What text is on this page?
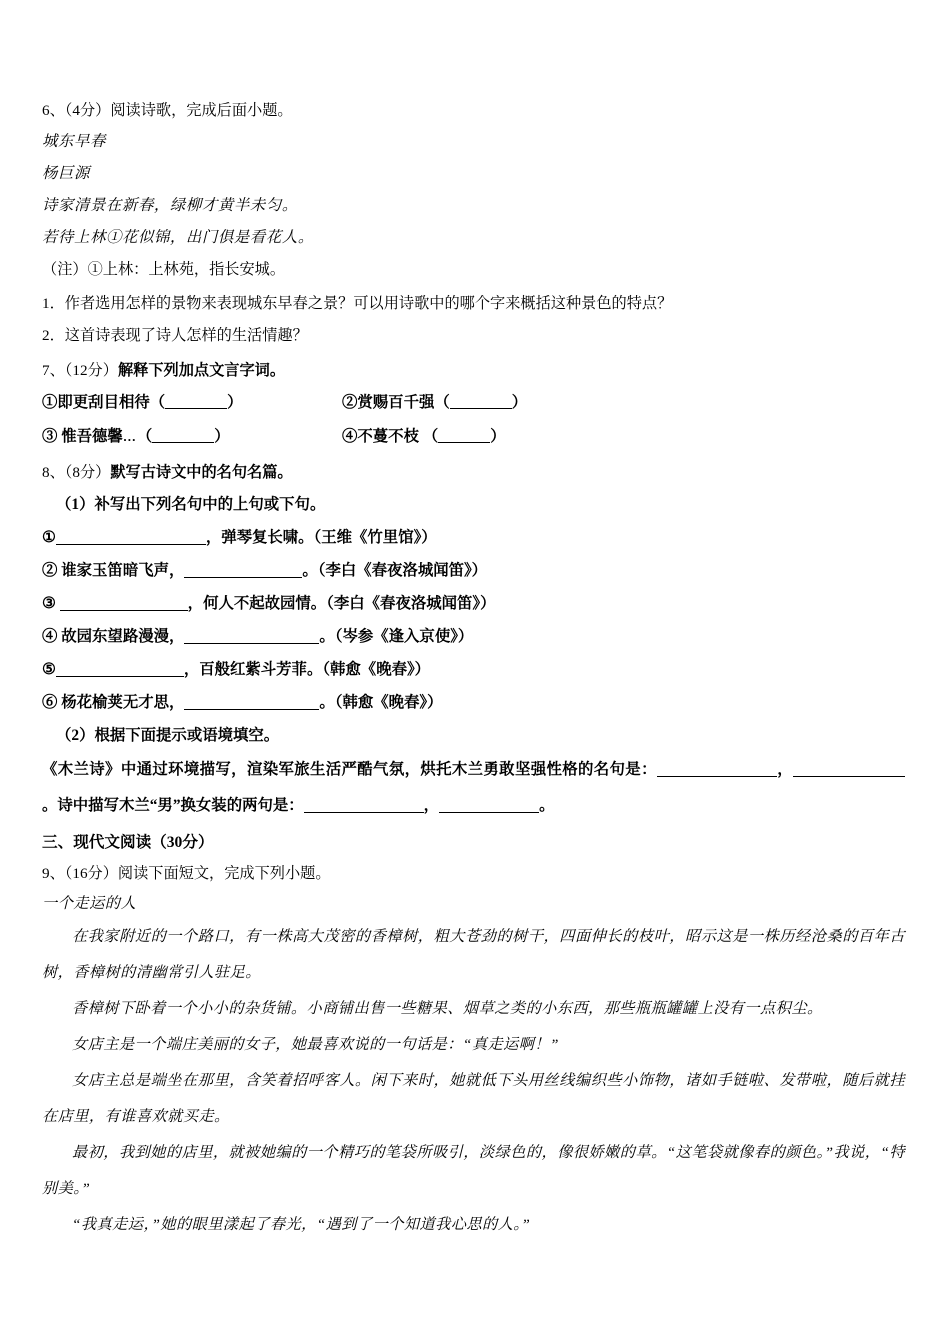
6、（4分）阅读诗歌，完成后面小题。
城东早春
杨巨源
诗家清景在新春，绿柳才黄半未匀。
若待上林①花似锦，出门俱是看花人。
（注）①上林：上林苑，指长安城。
1．作者选用怎样的景物来表现城东早春之景？可以用诗歌中的哪个字来概括这种景色的特点？
2．这首诗表现了诗人怎样的生活情趣？
7、（12分）解释下列加点文言字词。
①即更刮目相待（	）	②赏赐百千强（	）
③ 惟吾德馨…（	）	④不蔓不枝 （	）
8、（8分）默写古诗文中的名句名篇。
（1）补写出下列名句中的上句或下句。
①	，弹琴复长啸。（王维《竹里馆》）
② 谁家玉笛暗飞声，	。（李白《春夜洛城闻笛》）
③	，何人不起故园情。（李白《春夜洛城闻笛》）
④ 故园东望路漫漫，	。（岑参《逢入京使》）
⑤	，百般红紫斗芳菲。（韩愈《晚春》）
⑥ 杨花榆荚无才思，	。（韩愈《晚春》）
（2）根据下面提示或语境填空。
《木兰诗》中通过环境描写，渲染军旅生活严酷气氛，烘托木兰勇敢坚强性格的名句是：	，。诗中描写木兰“男”换女装的两句是：	，	。
三、现代文阅读（30分）
9、（16分）阅读下面短文，完成下列小题。
一个走运的人
在我家附近的一个路口，有一株高大茂密的香樟树，粗大苍劲的树干，四面伸长的枝叶，昭示这是一株历经沧桑的百年古树，香樟树的清幽常引人驻足。
香樟树下卧着一个小小的杂货铺。小商铺出售一些糖果、烟草之类的小东西，那些瓶瓶罐罐上没有一点积尘。
女店主是一个端庄美丽的女子，她最喜欢说的一句话是：“真走运啊！”
女店主总是端坐在那里，含笑着招呼客人。闲下来时，她就低下头用丝线编织些小饰物，诸如手链啦、发带啦，随后就挂在店里，有谁喜欢就买走。
最初，我到她的店里，就被她编的一个精巧的笔袋所吸引，淡绿色的，像很娇嫩的草。“这笔袋就像春的颜色。”我说，“特别美。”
“我真走运，”她的眼里漾起了春光，“遇到了一个知道我心思的人。”
